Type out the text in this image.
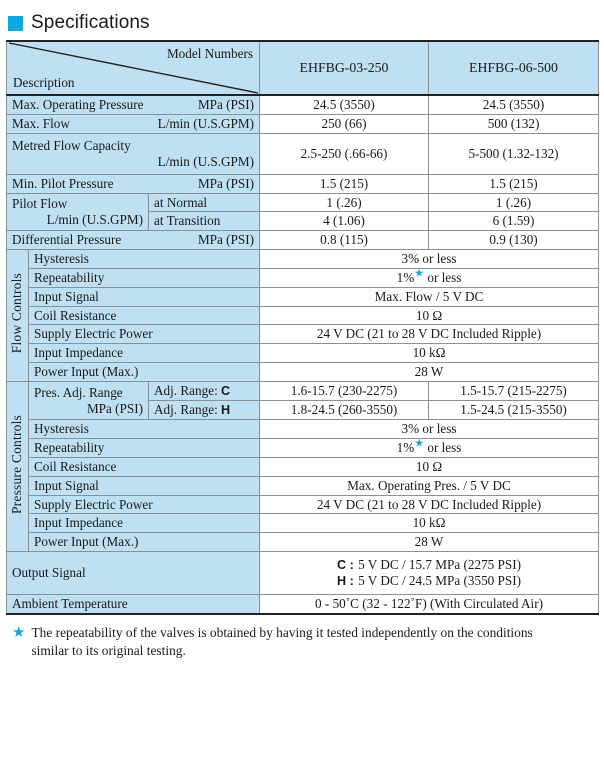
Specifications
Model Numbers
Description			EHFBG-03-250	EHFBG-06-500

Max. Operating Pressure MPa (PSI)			24.5 (3550)	24.5 (3550)

Max. Flow L/min (U.S.GPM)			250 (66)	500 (132)

Metred Flow Capacity
L/min (U.S.GPM)			2.5-250 (.66-66)	5-500 (1.32-132)

Min. Pilot Pressure MPa (PSI)			1.5 (215)	1.5 (215)

Pilot Flow
L/min (U.S.GPM)		at Normal	1 (.26)	1 (.26)
		at Transition	4 (1.06)	6 (1.59)

Differential Pressure MPa (PSI)			0.8 (115)	0.9 (130)
Flow Controls	Hysteresis		3% or less	
	Repeatability		1%★ or less	
	Input Signal		Max. Flow / 5 V DC	
	Coil Resistance		10 Ω	
	Supply Electric Power		24 V DC (21 to 28 V DC Included Ripple)	
	Input Impedance		10 kΩ	
	Power Input (Max.)		28 W	
Pressure Controls	Pres. Adj. Range
MPa (PSI)	Adj. Range: C	1.6-15.7 (230-2275)	1.5-15.7 (215-2275)
		Adj. Range: H	1.8-24.5 (260-3550)	1.5-24.5 (215-3550)
	Hysteresis		3% or less	
	Repeatability		1%★ or less	
	Coil Resistance		10 Ω	
	Input Signal		Max. Operating Pres. / 5 V DC	
	Supply Electric Power		24 V DC (21 to 28 V DC Included Ripple)	
	Input Impedance		10 kΩ	
	Power Input (Max.)		28 W	
Output Signal			C : 5 V DC / 15.7 MPa (2275 PSI)
H : 5 V DC / 24.5 MPa (3550 PSI)	

Ambient Temperature			0 - 50˚C (32 - 122˚F) (With Circulated Air)	
★ The repeatability of the valves is obtained by having it tested independently on the conditions similar to its original testing.
